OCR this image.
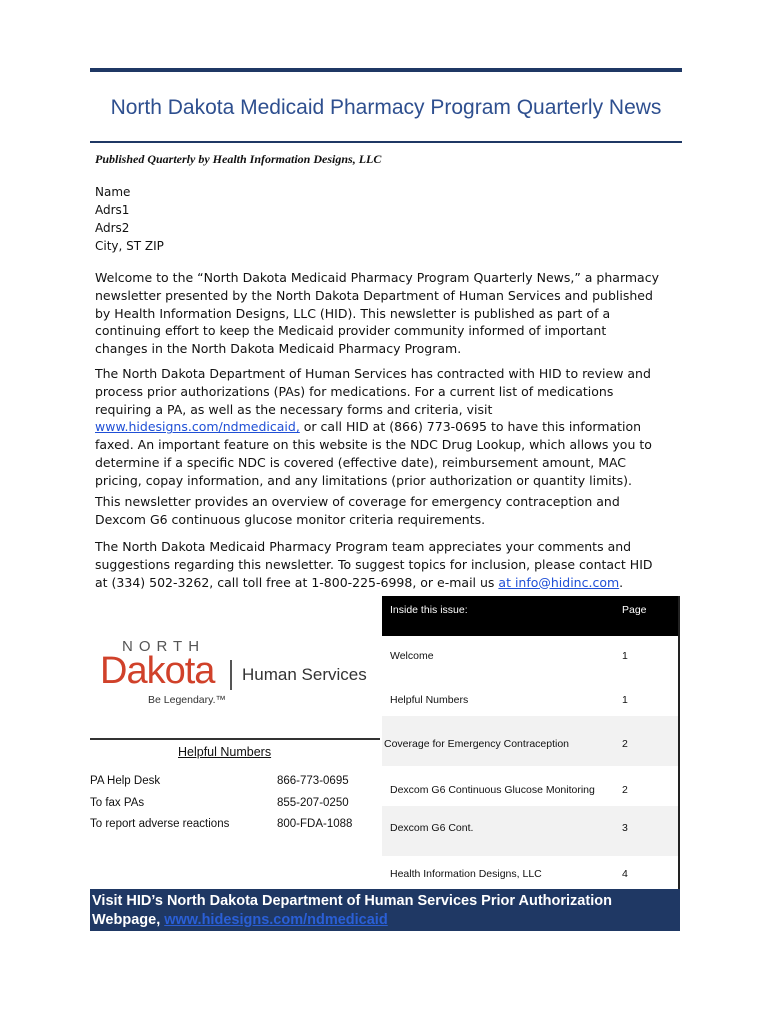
North Dakota Medicaid Pharmacy Program Quarterly News
Published Quarterly by Health Information Designs, LLC
Name
Adrs1
Adrs2
City, ST ZIP
Welcome to the “North Dakota Medicaid Pharmacy Program Quarterly News,” a pharmacy newsletter presented by the North Dakota Department of Human Services and published by Health Information Designs, LLC (HID). This newsletter is published as part of a continuing effort to keep the Medicaid provider community informed of important changes in the North Dakota Medicaid Pharmacy Program.
The North Dakota Department of Human Services has contracted with HID to review and process prior authorizations (PAs) for medications. For a current list of medications requiring a PA, as well as the necessary forms and criteria, visit www.hidesigns.com/ndmedicaid, or call HID at (866) 773-0695 to have this information faxed. An important feature on this website is the NDC Drug Lookup, which allows you to determine if a specific NDC is covered (effective date), reimbursement amount, MAC pricing, copay information, and any limitations (prior authorization or quantity limits).
This newsletter provides an overview of coverage for emergency contraception and Dexcom G6 continuous glucose monitor criteria requirements.
The North Dakota Medicaid Pharmacy Program team appreciates your comments and suggestions regarding this newsletter. To suggest topics for inclusion, please contact HID at (334) 502-3262, call toll free at 1-800-225-6998, or e-mail us at info@hidinc.com.
NORTH
Dakota Human Services
Be Legendary.™
Helpful Numbers
PA Help Desk	866-773-0695
To fax PAs	855-207-0250
To report adverse reactions	800-FDA-1088
Inside this issue:	Page
Welcome	1
Helpful Numbers	1
Coverage for Emergency Contraception	2
Dexcom G6 Continuous Glucose Monitoring	2
Dexcom G6 Cont.	3
Health Information Designs, LLC	4
Visit HID’s North Dakota Department of Human Services Prior Authorization
Webpage, www.hidesigns.com/ndmedicaid
